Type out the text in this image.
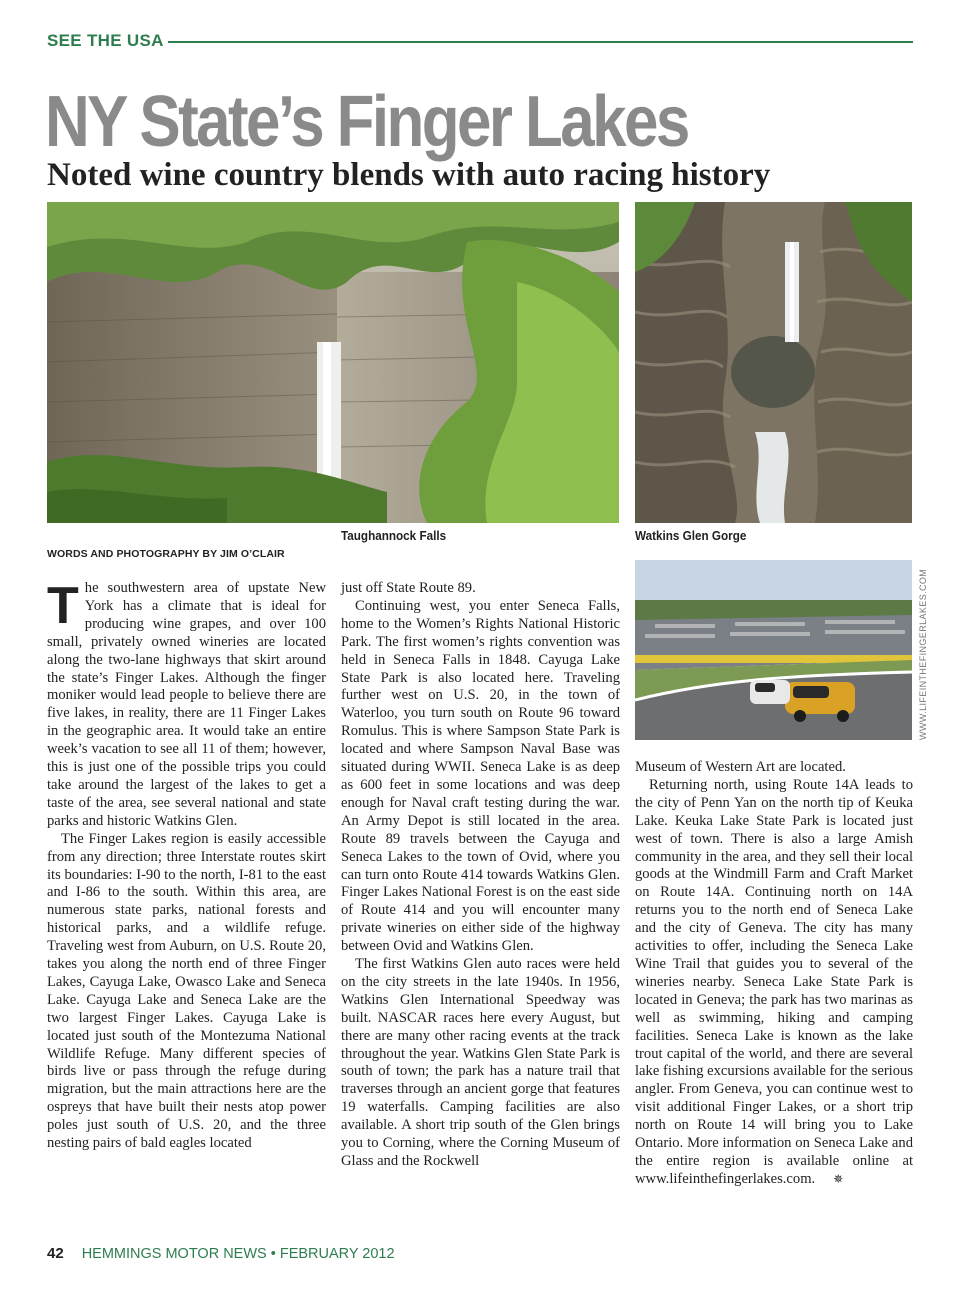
SEE THE USA
NY State’s Finger Lakes
Noted wine country blends with auto racing history
Taughannock Falls	Watkins Glen Gorge
WORDS AND PHOTOGRAPHY BY JIM O’CLAIR
WWW.LIFEINTHEFINGERLAKES.COM

The southwestern area of upstate New York has a climate that is ideal for producing wine grapes, and over 100 small, privately owned wineries are located along the two-lane highways that skirt around the state’s Finger Lakes. Although the finger moniker would lead people to believe there are five lakes, in reality, there are 11 Finger Lakes in the geographic area. It would take an entire week’s vacation to see all 11 of them; however, this is just one of the possible trips you could take around the largest of the lakes to get a taste of the area, see several national and state parks and historic Watkins Glen.

The Finger Lakes region is easily accessible from any direction; three Interstate routes skirt its boundaries: I-90 to the north, I-81 to the east and I-86 to the south. Within this area, are numerous state parks, national forests and historical parks, and a wildlife refuge. Traveling west from Auburn, on U.S. Route 20, takes you along the north end of three Finger Lakes, Cayuga Lake, Owasco Lake and Seneca Lake. Cayuga Lake and Seneca Lake are the two largest Finger Lakes. Cayuga Lake is located just south of the Montezuma National Wildlife Refuge. Many different species of birds live or pass through the refuge during migration, but the main attractions here are the ospreys that have built their nests atop power poles just south of U.S. 20, and the three nesting pairs of bald eagles located

just off State Route 89.

Continuing west, you enter Seneca Falls, home to the Women’s Rights National Historic Park. The first women’s rights convention was held in Seneca Falls in 1848. Cayuga Lake State Park is also located here. Traveling further west on U.S. 20, in the town of Waterloo, you turn south on Route 96 toward Romulus. This is where Sampson State Park is located and where Sampson Naval Base was situated during WWII. Seneca Lake is as deep as 600 feet in some locations and was deep enough for Naval craft testing during the war. An Army Depot is still located in the area. Route 89 travels between the Cayuga and Seneca Lakes to the town of Ovid, where you can turn onto Route 414 towards Watkins Glen. Finger Lakes National Forest is on the east side of Route 414 and you will encounter many private wineries on either side of the highway between Ovid and Watkins Glen.

The first Watkins Glen auto races were held on the city streets in the late 1940s. In 1956, Watkins Glen International Speedway was built. NASCAR races here every August, but there are many other racing events at the track throughout the year. Watkins Glen State Park is south of town; the park has a nature trail that traverses through an ancient gorge that features 19 waterfalls. Camping facilities are also available. A short trip south of the Glen brings you to Corning, where the Corning Museum of Glass and the Rockwell

Museum of Western Art are located.

Returning north, using Route 14A leads to the city of Penn Yan on the north tip of Keuka Lake. Keuka Lake State Park is located just west of town. There is also a large Amish community in the area, and they sell their local goods at the Windmill Farm and Craft Market on Route 14A. Continuing north on 14A returns you to the north end of Seneca Lake and the city of Geneva. The city has many activities to offer, including the Seneca Lake Wine Trail that guides you to several of the wineries nearby. Seneca Lake State Park is located in Geneva; the park has two marinas as well as swimming, hiking and camping facilities. Seneca Lake is known as the lake trout capital of the world, and there are several lake fishing excursions available for the serious angler. From Geneva, you can continue west to visit additional Finger Lakes, or a short trip north on Route 14 will bring you to Lake Ontario. More information on Seneca Lake and the entire region is available online at www.lifeinthefingerlakes.com. ✵

42 HEMMINGS MOTOR NEWS • FEBRUARY 2012
